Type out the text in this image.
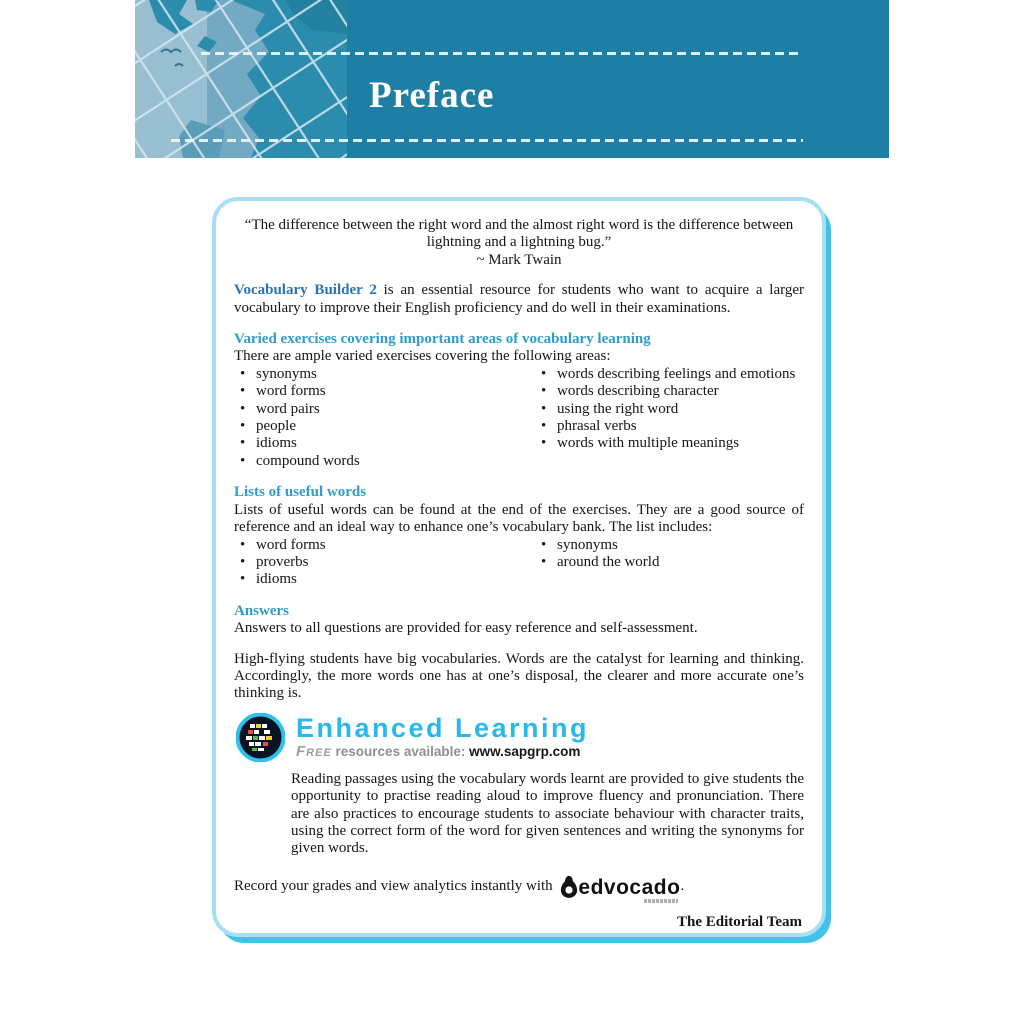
Preface
“The difference between the right word and the almost right word is the difference between
lightning and a lightning bug.”
~ Mark Twain
Vocabulary Builder 2 is an essential resource for students who want to acquire a larger vocabulary to improve their English proficiency and do well in their examinations.
Varied exercises covering important areas of vocabulary learning
There are ample varied exercises covering the following areas:
•
synonyms
•
word forms
•
word pairs
•
people
•
idioms
•
compound words
•
words describing feelings and emotions
•
words describing character
•
using the right word
•
phrasal verbs
•
words with multiple meanings
Lists of useful words
Lists of useful words can be found at the end of the exercises. They are a good source of reference and an ideal way to enhance one’s vocabulary bank. The list includes:
•
word forms
•
proverbs
•
idioms
•
synonyms
•
around the world
Answers
Answers to all questions are provided for easy reference and self-assessment.
High-flying students have big vocabularies. Words are the catalyst for learning and thinking. Accordingly, the more words one has at one’s disposal, the clearer and more accurate one’s thinking is.
Enhanced Learning
Free resources available: www.sapgrp.com
Reading passages using the vocabulary words learnt are provided to give students the opportunity to practise reading aloud to improve fluency and pronunciation. There are also practices to encourage students to associate behaviour with character traits, using the correct form of the word for given sentences and writing the synonyms for given words.
Record your grades and view analytics instantly with edvocado
.
The Editorial Team
